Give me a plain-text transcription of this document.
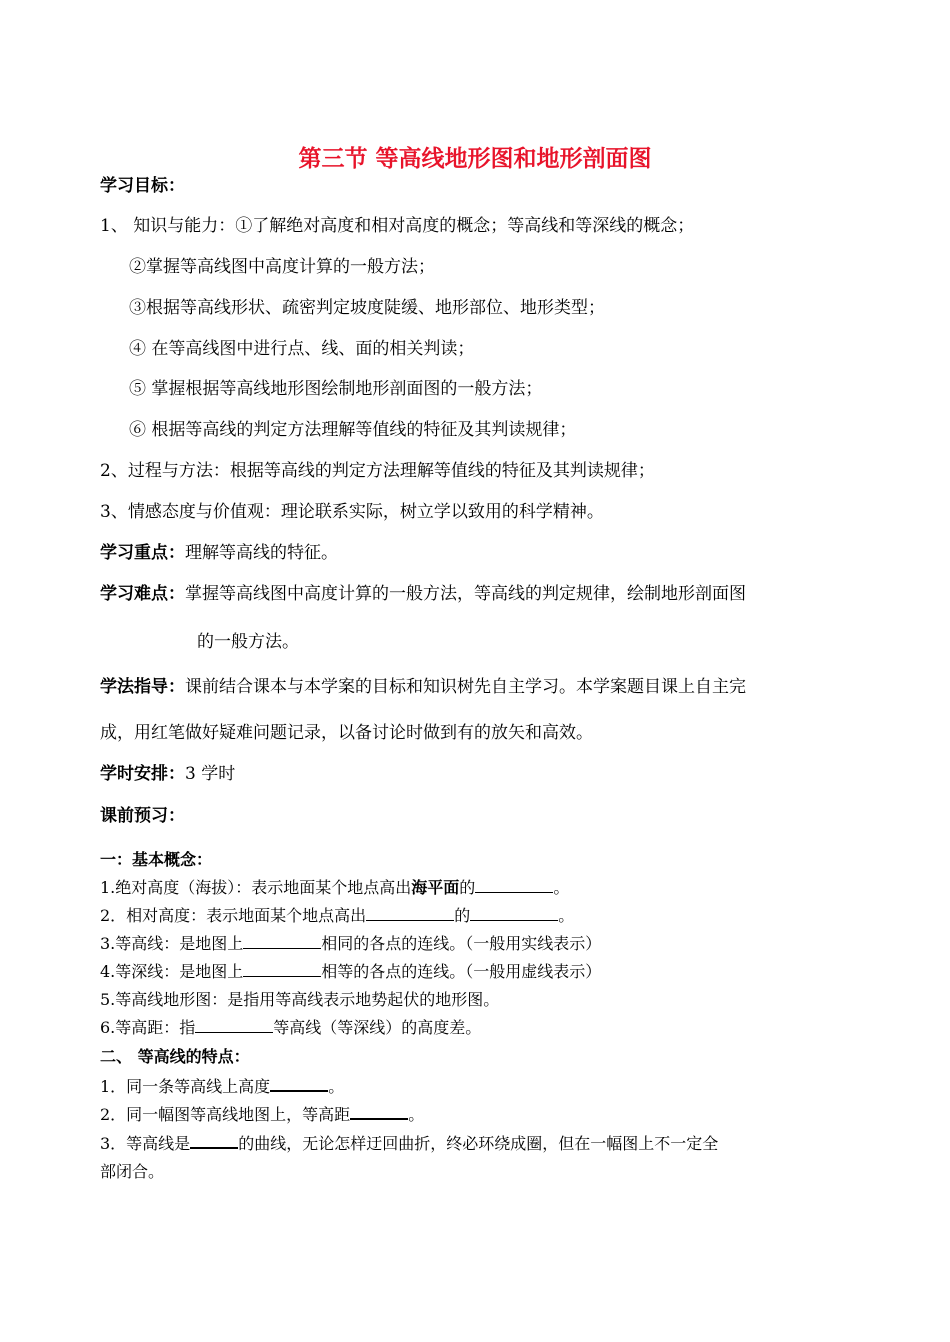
第三节 等高线地形图和地形剖面图
学习目标：
1、 知识与能力：①了解绝对高度和相对高度的概念；等高线和等深线的概念；
②掌握等高线图中高度计算的一般方法；
③根据等高线形状、疏密判定坡度陡缓、地形部位、地形类型；
④ 在等高线图中进行点、线、面的相关判读；
⑤ 掌握根据等高线地形图绘制地形剖面图的一般方法；
⑥ 根据等高线的判定方法理解等值线的特征及其判读规律；
2、过程与方法：根据等高线的判定方法理解等值线的特征及其判读规律；
3、情感态度与价值观：理论联系实际，树立学以致用的科学精神。
学习重点：理解等高线的特征。
学习难点：掌握等高线图中高度计算的一般方法，等高线的判定规律，绘制地形剖面图
的一般方法。
学法指导：课前结合课本与本学案的目标和知识树先自主学习。本学案题目课上自主完
成，用红笔做好疑难问题记录，以备讨论时做到有的放矢和高效。
学时安排：3 学时
课前预习：
一：基本概念：
1.绝对高度（海拔）：表示地面某个地点高出海平面的	。
2．相对高度：表示地面某个地点高出	的	。
3.等高线：是地图上	相同的各点的连线。（一般用实线表示）
4.等深线：是地图上	相等的各点的连线。（一般用虚线表示）
5.等高线地形图：是指用等高线表示地势起伏的地形图。
6.等高距：指	等高线（等深线）的高度差。
二、 等高线的特点：
1．同一条等高线上高度	。
2．同一幅图等高线地图上，等高距	。
3．等高线是	的曲线，无论怎样迂回曲折，终必环绕成圈，但在一幅图上不一定全
部闭合。
